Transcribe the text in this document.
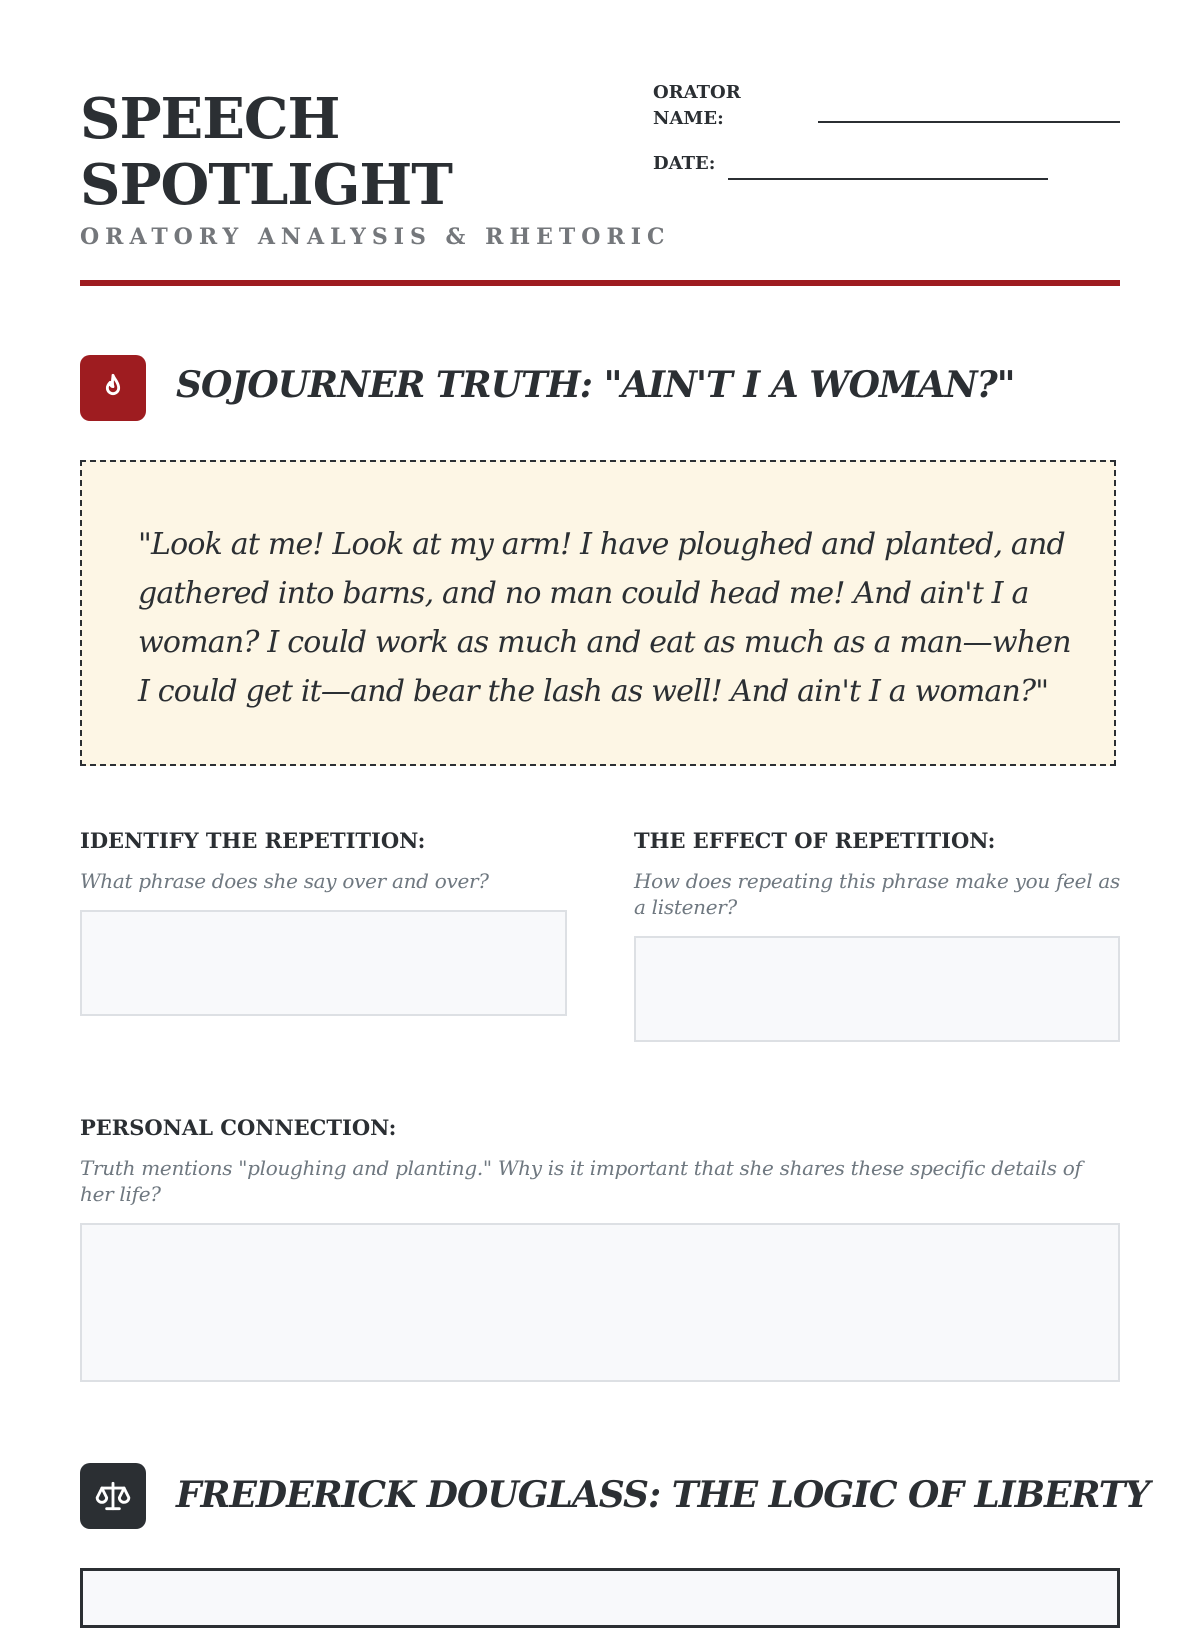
SPEECH
SPOTLIGHT
ORATORY ANALYSIS & RHETORIC
ORATOR NAME:
DATE:
SOJOURNER TRUTH: "AIN'T I A WOMAN?"

"Look at me! Look at my arm! I have ploughed and planted, and gathered into barns, and no man could head me! And ain't I a woman? I could work as much and eat as much as a man—when I could get it—and bear the lash as well! And ain't I a woman?"

IDENTIFY THE REPETITION:
What phrase does she say over and over?
THE EFFECT OF REPETITION:
How does repeating this phrase make you feel as a listener?
PERSONAL CONNECTION:
Truth mentions "ploughing and planting." Why is it important that she shares these specific details of her life?
FREDERICK DOUGLASS: THE LOGIC OF LIBERTY
